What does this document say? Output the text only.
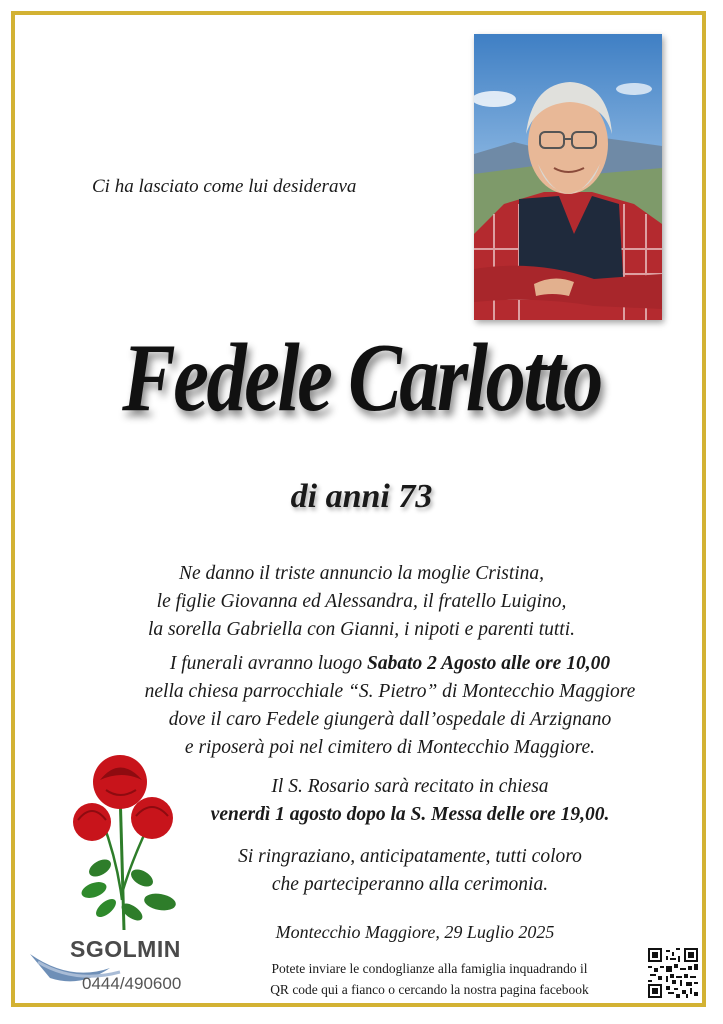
Ci ha lasciato come lui desiderava
Fedele Carlotto
di anni 73

Ne danno il triste annuncio la moglie Cristina,

le figlie Giovanna ed Alessandra, il fratello Luigino,

la sorella Gabriella con Gianni, i nipoti e parenti tutti.

I funerali avranno luogo Sabato 2 Agosto alle ore 10,00

nella chiesa parrocchiale “S. Pietro” di Montecchio Maggiore

dove il caro Fedele giungerà dall’ospedale di Arzignano

e riposerà poi nel cimitero di Montecchio Maggiore.

Il S. Rosario sarà recitato in chiesa

venerdì 1 agosto dopo la S. Messa delle ore 19,00.

Si ringraziano, anticipatamente, tutti coloro

che parteciperanno alla cerimonia.

Montecchio Maggiore, 29 Luglio 2025
Potete inviare le condoglianze alla famiglia inquadrando il
QR code qui a fianco o cercando la nostra pagina facebook
SGOLMIN
0444/490600
